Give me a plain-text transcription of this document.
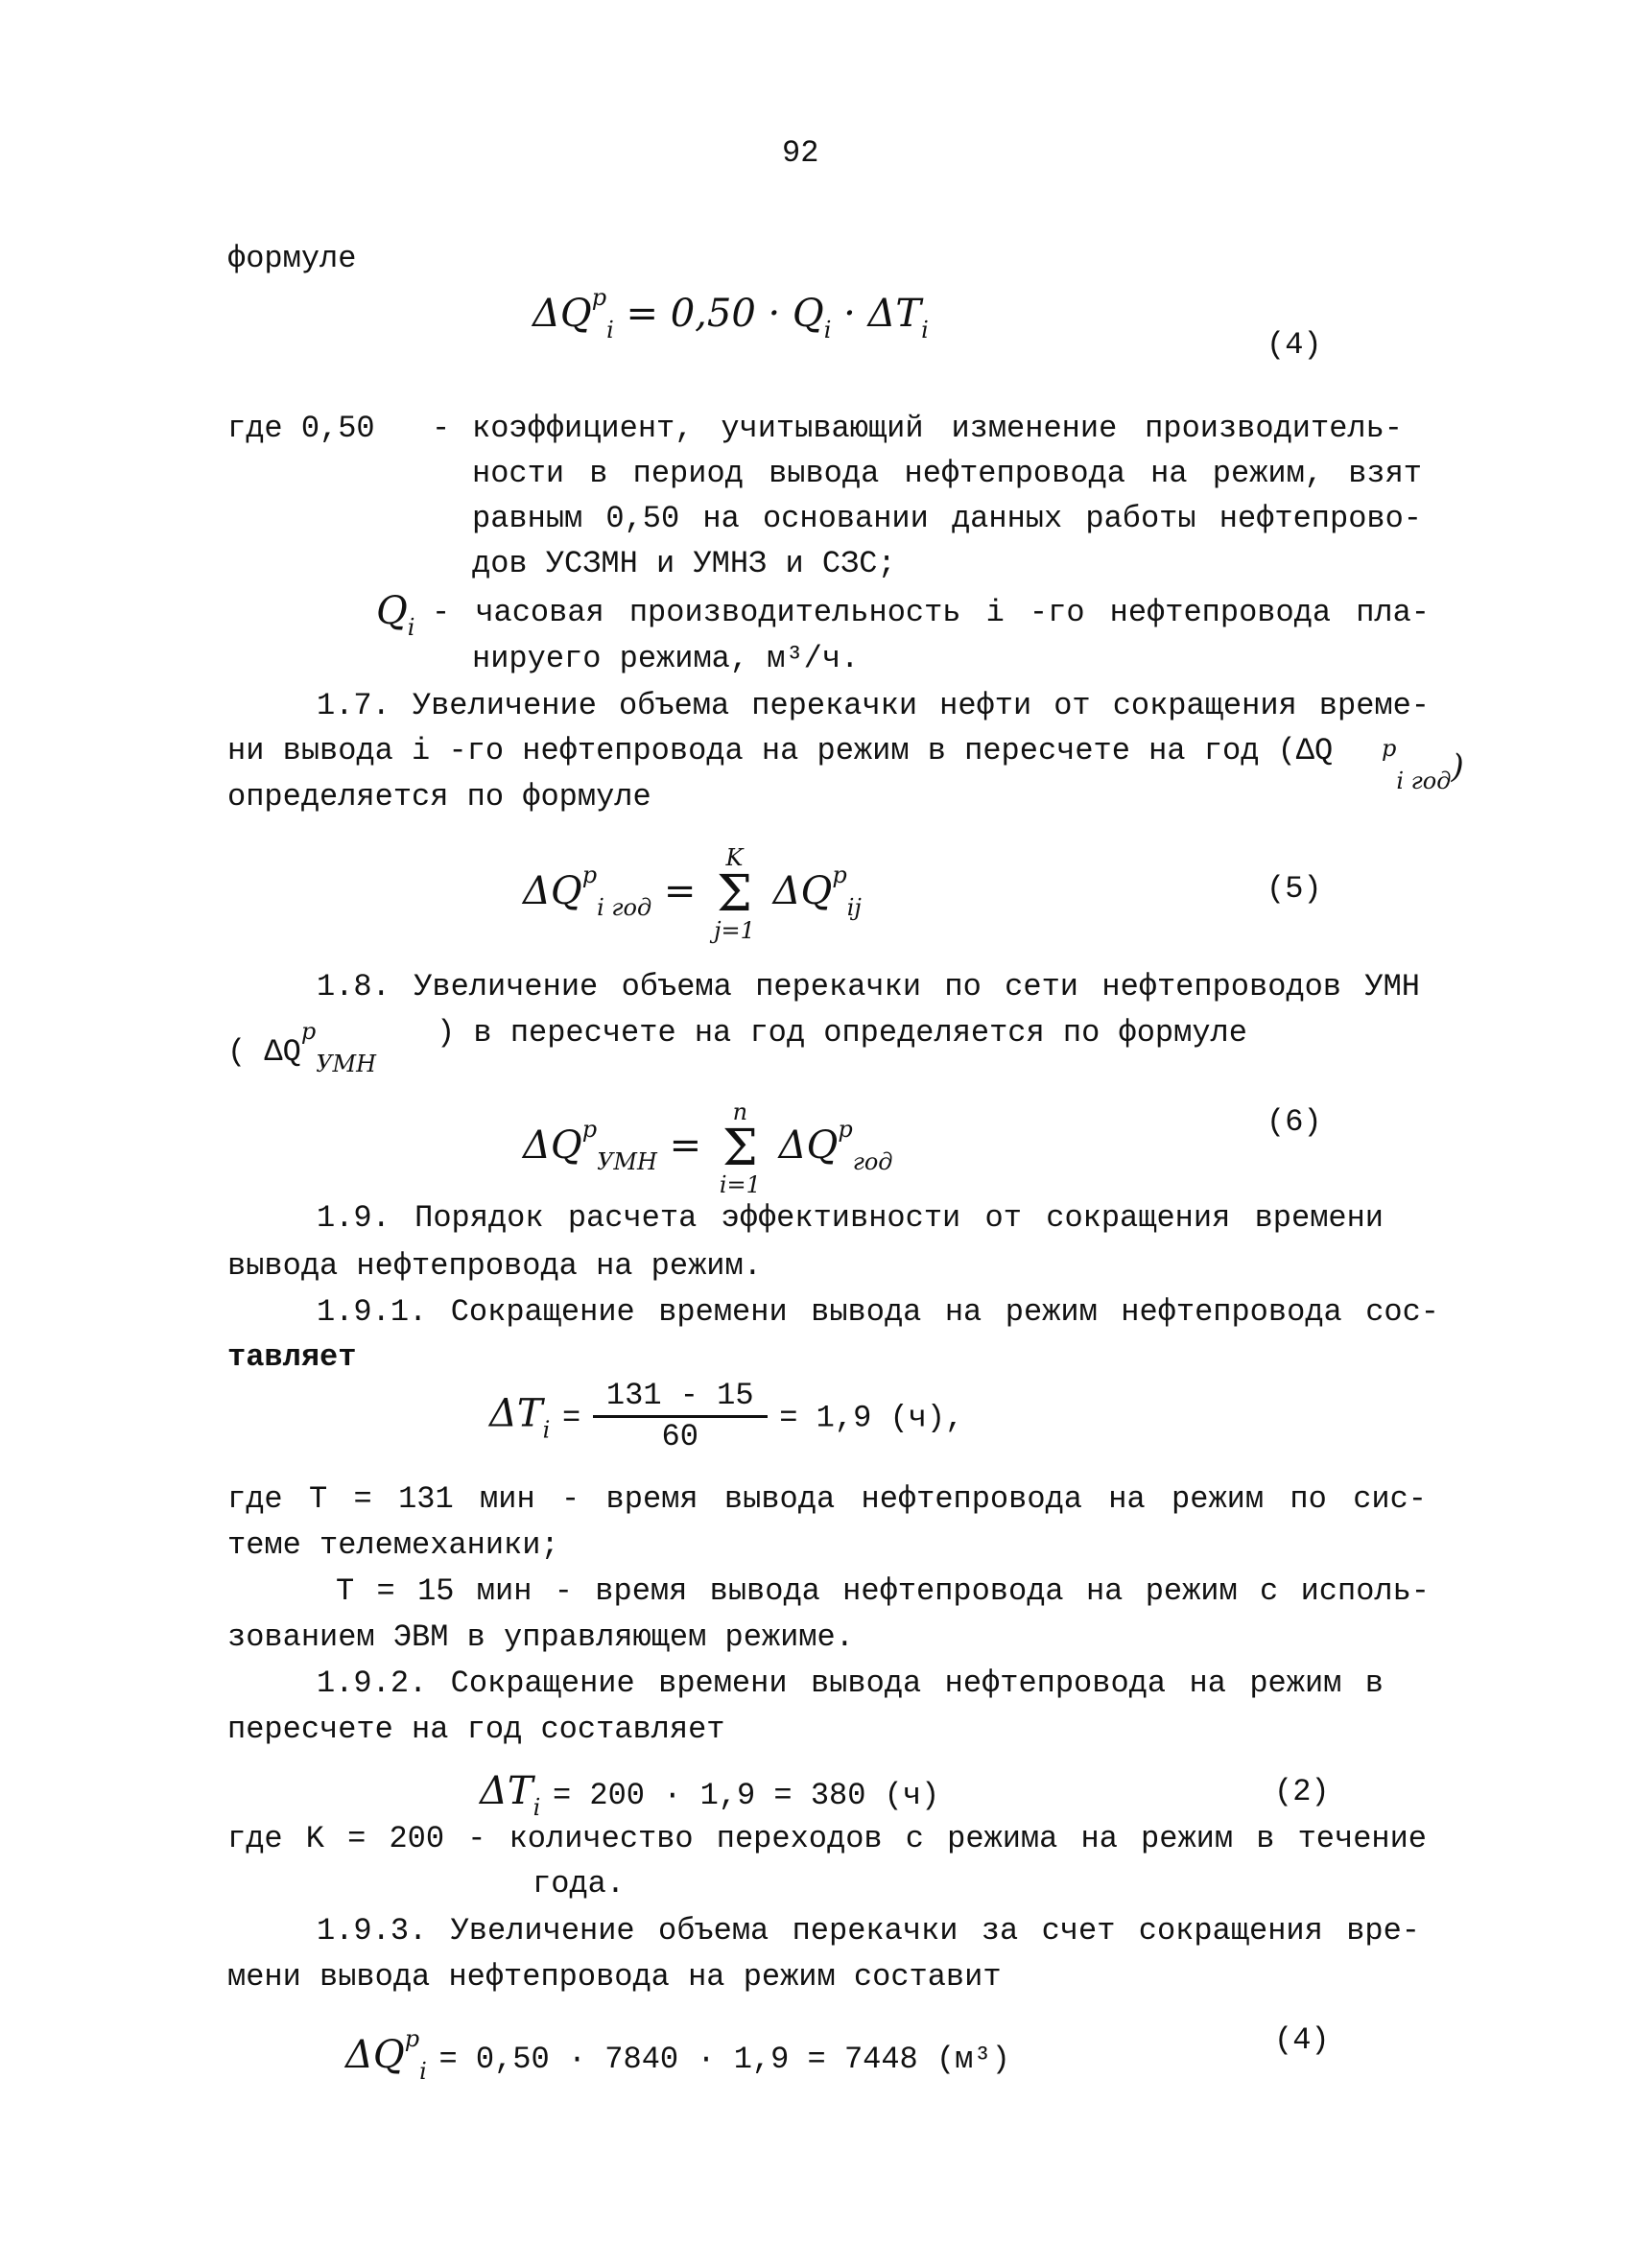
92
формуле
$\Delta Q^р_i = 0,50 \cdot Q_i \cdot \Delta T_i$	(4)
где 0,50 - коэффициент, учитывающий изменение производитель-
ности в период вывода нефтепровода на режим, взят
равным 0,50 на основании данных работы нефтепрово-
дов УСЗМН и УМНЗ и СЗС;
$Q_i$ - часовая производительность i -го нефтепровода пла-
нируего режима, м³/ч.
1.7. Увеличение объема перекачки нефти от сокращения време-
ни вывода i -го нефтепровода на режим в пересчете на год (ΔQ $^р_{i год}$)
определяется по формуле
$\Delta Q^р_{i год}$ =
K
Σ
j=1
$\Delta Q^р_{ij}$
(5)
1.8. Увеличение объема перекачки по сети нефтепроводов УМН
( $\Delta Q^р_{УМН}$
) в пересчете на год определяется по формуле
$\Delta Q^р_{УМН}$ =
n
Σ
i=1
$\Delta Q^р_{год}$
(6)
1.9. Порядок расчета эффективности от сокращения времени
вывода нефтепровода на режим.
1.9.1. Сокращение времени вывода на режим нефтепровода сос-
тавляет
$\Delta T_i = \frac{131 - 15}{60} = 1,9$ (ч),
где T = 131 мин - время вывода нефтепровода на режим по сис-
теме телемеханики;
T = 15 мин - время вывода нефтепровода на режим с исполь-
зованием ЭВМ в управляющем режиме.
1.9.2. Сокращение времени вывода нефтепровода на режим в
пересчете на год составляет
$\Delta T_i = 200 \cdot 1,9 = 380$ (ч)	(2)
где K = 200 - количество переходов с режима на режим в течение
года.
1.9.3. Увеличение объема перекачки за счет сокращения вре-
мени вывода нефтепровода на режим составит
$\Delta Q^р_i = 0,50 \cdot 7840 \cdot 1,9 = 7448$ (м³)
(4)
